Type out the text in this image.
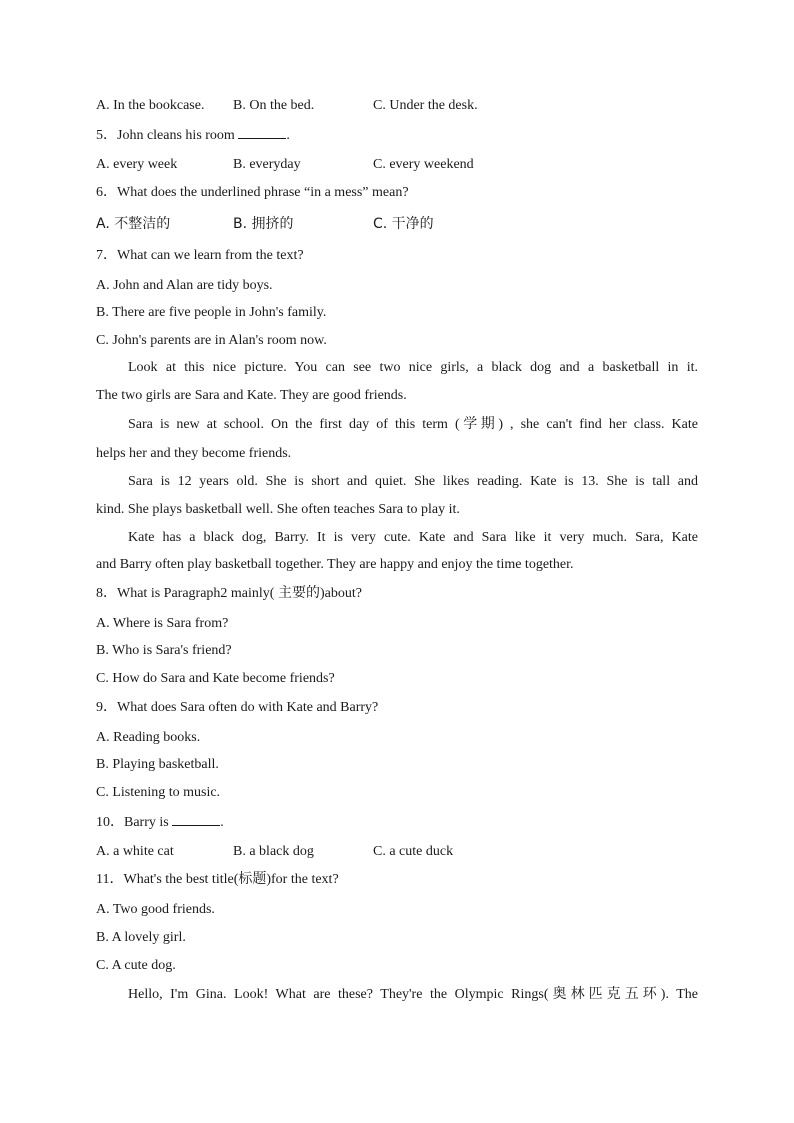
A. In the bookcase. B. On the bed.	C. Under the desk.
5．John cleans his room	.
A. every week	B. everyday	C. every weekend
6．What does the underlined phrase “in a mess” mean?
A. 不整洁的	B. 拥挤的	C. 干净的
7．What can we learn from the text?
A. John and Alan are tidy boys.
B. There are five people in John's family.
C. John's parents are in Alan's room now.
Look at this nice picture. You can see two nice girls, a black dog and a basketball in it.
The two girls are Sara and Kate. They are good friends.
Sara is new at school. On the first day of this term (学期) , she can't find her class. Kate
helps her and they become friends.
Sara is 12 years old. She is short and quiet. She likes reading. Kate is 13. She is tall and
kind. She plays basketball well. She often teaches Sara to play it.
Kate has a black dog, Barry. It is very cute. Kate and Sara like it very much. Sara, Kate
and Barry often play basketball together. They are happy and enjoy the time together.
8．What is Paragraph2 mainly( 主要的)about?
A. Where is Sara from?
B. Who is Sara's friend?
C. How do Sara and Kate become friends?
9．What does Sara often do with Kate and Barry?
A. Reading books.
B. Playing basketball.
C. Listening to music.
10．Barry is	.
A. a white cat	B. a black dog	C. a cute duck
11．What's the best title(标题)for the text?
A. Two good friends.
B. A lovely girl.
C. A cute dog.
Hello, I'm Gina. Look! What are these? They're the Olympic Rings(奥林匹克五环). The
